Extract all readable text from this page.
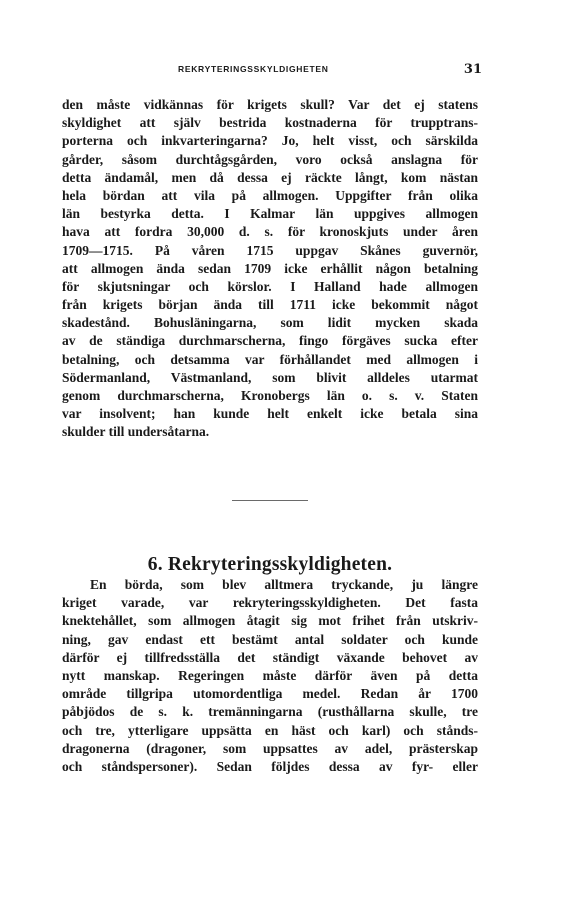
REKRYTERINGSSKYLDIGHETEN	31

den måste vidkännas för krigets skull? Var det ej statens
skyldighet att själv bestrida kostnaderna för trupptrans-
porterna och inkvarteringarna? Jo, helt visst, och särskilda
gårder, såsom durchtågsgården, voro också anslagna för
detta ändamål, men då dessa ej räckte långt, kom nästan
hela bördan att vila på allmogen. Uppgifter från olika
län bestyrka detta. I Kalmar län uppgives allmogen
hava att fordra 30,000 d. s. för kronoskjuts under åren
1709—1715. På våren 1715 uppgav Skånes guvernör,
att allmogen ända sedan 1709 icke erhållit någon betalning
för skjutsningar och körslor. I Halland hade allmogen
från krigets början ända till 1711 icke bekommit något
skadestånd. Bohusläningarna, som lidit mycken skada
av de ständiga durchmarscherna, fingo förgäves sucka efter
betalning, och detsamma var förhållandet med allmogen i
Södermanland, Västmanland, som blivit alldeles utarmat
genom durchmarscherna, Kronobergs län o. s. v. Staten
var insolvent; han kunde helt enkelt icke betala sina
skulder till undersåtarna.

6. Rekryteringsskyldigheten.

En börda, som blev alltmera tryckande, ju längre
kriget varade, var rekryteringsskyldigheten. Det fasta
knektehållet, som allmogen åtagit sig mot frihet från utskriv-
ning, gav endast ett bestämt antal soldater och kunde
därför ej tillfredsställa det ständigt växande behovet av
nytt manskap. Regeringen måste därför även på detta
område tillgripa utomordentliga medel. Redan år 1700
påbjödos de s. k. tremänningarna (rusthållarna skulle, tre
och tre, ytterligare uppsätta en häst och karl) och stånds-
dragonerna (dragoner, som uppsattes av adel, prästerskap
och ståndspersoner). Sedan följdes dessa av fyr- eller
